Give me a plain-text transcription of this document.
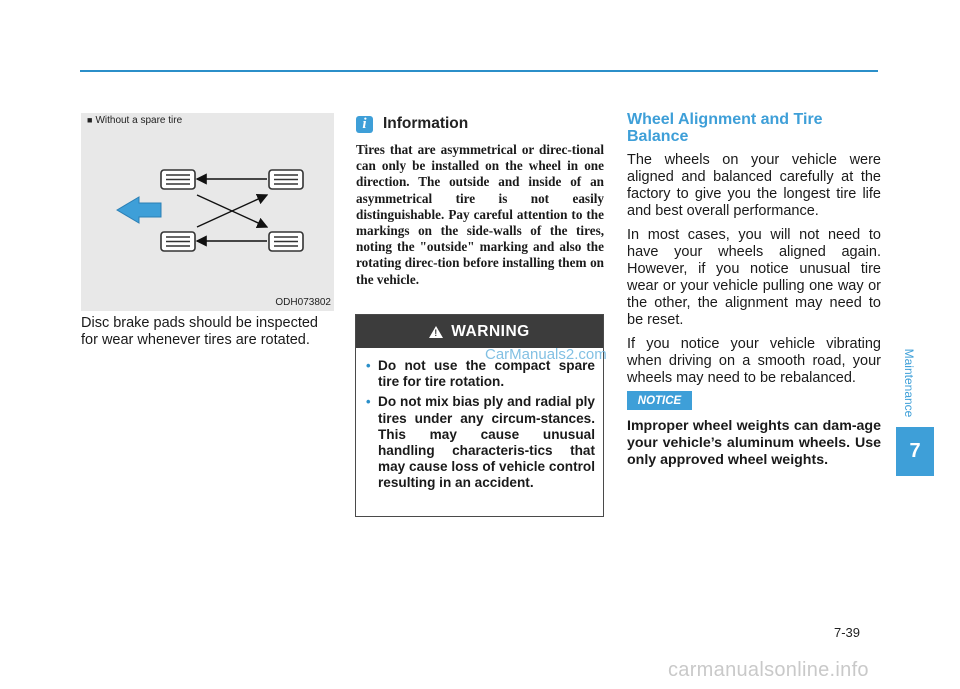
■ Without a spare tire
ODH073802
Disc brake pads should be inspected for wear whenever tires are rotated.
i	Information
Tires that are asymmetrical or direc-tional can only be installed on the wheel in one direction. The outside and inside of an asymmetrical tire is not easily distinguishable. Pay careful attention to the markings on the side-walls of the tires, noting the "outside" marking and also the rotating direc-tion before installing them on the vehicle.
!
WARNING
• Do not use the compact spare tire for tire rotation.
• Do not mix bias ply and radial ply tires under any circum-stances. This may cause unusual handling characteris-tics that may cause loss of vehicle control resulting in an accident.
CarManuals2.com
Wheel Alignment and Tire Balance

The wheels on your vehicle were aligned and balanced carefully at the factory to give you the longest tire life and best overall performance.

In most cases, you will not need to have your wheels aligned again. However, if you notice unusual tire wear or your vehicle pulling one way or the other, the alignment may need to be reset.

If you notice your vehicle vibrating when driving on a smooth road, your wheels may need to be rebalanced.

NOTICE
Improper wheel weights can dam-age your vehicle’s aluminum wheels. Use only approved wheel weights.
Maintenance
7
7-39
carmanualsonline.info
